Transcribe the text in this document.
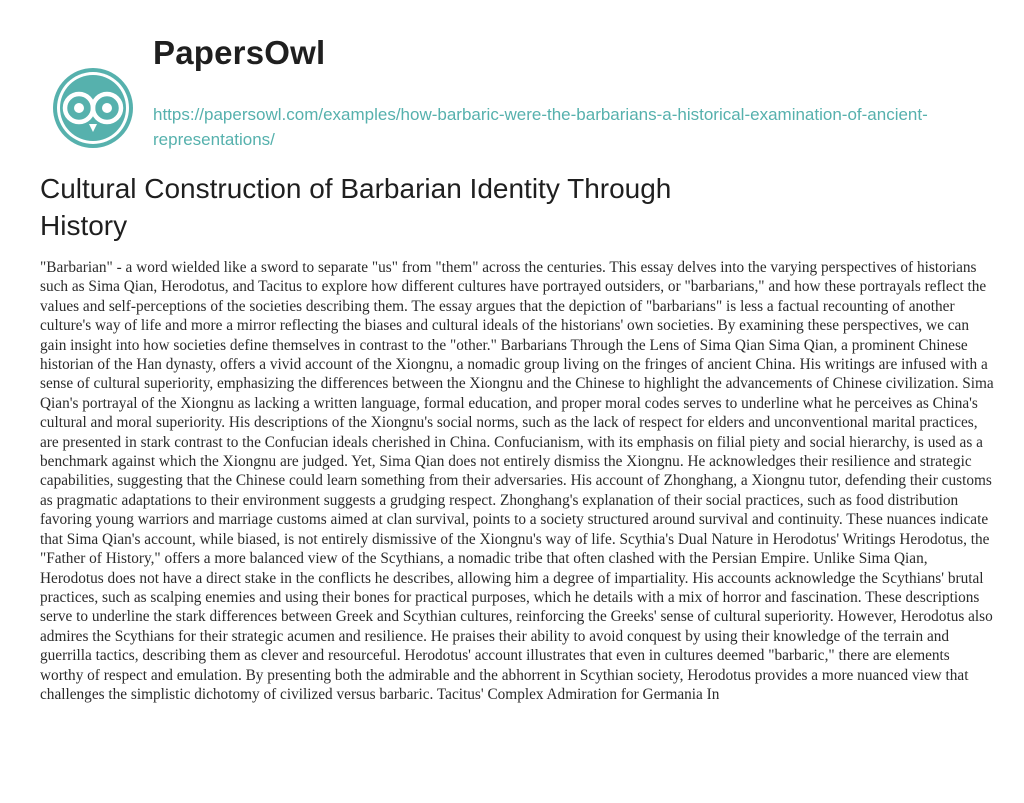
PapersOwl
https://papersowl.com/examples/how-barbaric-were-the-barbarians-a-historical-examination-of-ancient-representations/
Cultural Construction of Barbarian Identity Through History

"Barbarian" - a word wielded like a sword to separate "us" from "them" across the centuries. This essay delves into the varying perspectives of historians such as Sima Qian, Herodotus, and Tacitus to explore how different cultures have portrayed outsiders, or "barbarians," and how these portrayals reflect the values and self-perceptions of the societies describing them. The essay argues that the depiction of "barbarians" is less a factual recounting of another culture's way of life and more a mirror reflecting the biases and cultural ideals of the historians' own societies. By examining these perspectives, we can gain insight into how societies define themselves in contrast to the "other." Barbarians Through the Lens of Sima Qian Sima Qian, a prominent Chinese historian of the Han dynasty, offers a vivid account of the Xiongnu, a nomadic group living on the fringes of ancient China. His writings are infused with a sense of cultural superiority, emphasizing the differences between the Xiongnu and the Chinese to highlight the advancements of Chinese civilization. Sima Qian's portrayal of the Xiongnu as lacking a written language, formal education, and proper moral codes serves to underline what he perceives as China's cultural and moral superiority. His descriptions of the Xiongnu's social norms, such as the lack of respect for elders and unconventional marital practices, are presented in stark contrast to the Confucian ideals cherished in China. Confucianism, with its emphasis on filial piety and social hierarchy, is used as a benchmark against which the Xiongnu are judged. Yet, Sima Qian does not entirely dismiss the Xiongnu. He acknowledges their resilience and strategic capabilities, suggesting that the Chinese could learn something from their adversaries. His account of Zhonghang, a Xiongnu tutor, defending their customs as pragmatic adaptations to their environment suggests a grudging respect. Zhonghang's explanation of their social practices, such as food distribution favoring young warriors and marriage customs aimed at clan survival, points to a society structured around survival and continuity. These nuances indicate that Sima Qian's account, while biased, is not entirely dismissive of the Xiongnu's way of life. Scythia's Dual Nature in Herodotus' Writings Herodotus, the "Father of History," offers a more balanced view of the Scythians, a nomadic tribe that often clashed with the Persian Empire. Unlike Sima Qian, Herodotus does not have a direct stake in the conflicts he describes, allowing him a degree of impartiality. His accounts acknowledge the Scythians' brutal practices, such as scalping enemies and using their bones for practical purposes, which he details with a mix of horror and fascination. These descriptions serve to underline the stark differences between Greek and Scythian cultures, reinforcing the Greeks' sense of cultural superiority. However, Herodotus also admires the Scythians for their strategic acumen and resilience. He praises their ability to avoid conquest by using their knowledge of the terrain and guerrilla tactics, describing them as clever and resourceful. Herodotus' account illustrates that even in cultures deemed "barbaric," there are elements worthy of respect and emulation. By presenting both the admirable and the abhorrent in Scythian society, Herodotus provides a more nuanced view that challenges the simplistic dichotomy of civilized versus barbaric. Tacitus' Complex Admiration for Germania In
